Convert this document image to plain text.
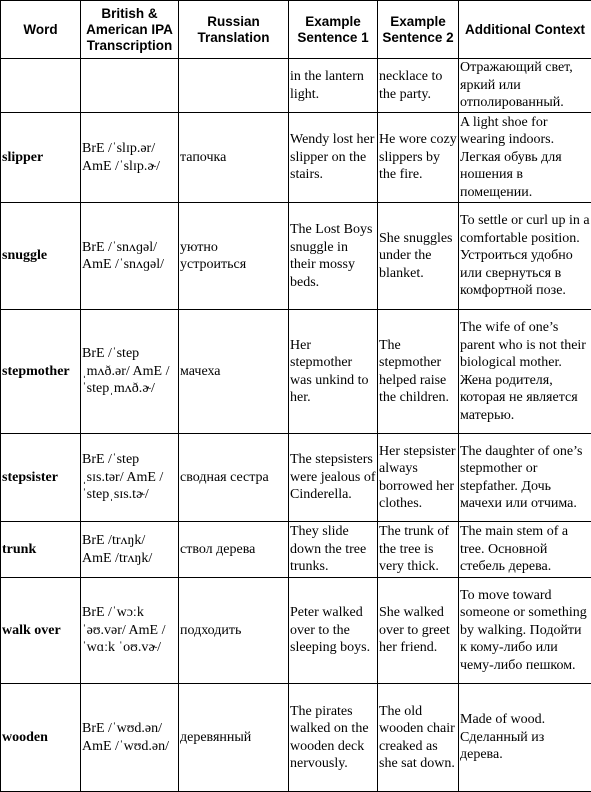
Word	British & American IPA Transcription	Russian Translation	Example Sentence 1	Example Sentence 2	Additional Context
			in the lantern light.	necklace to the party.	Отражающий свет, яркий или отполированный.
slipper	BrE /ˈslɪp.ər/ AmE /ˈslɪp.ɚ/	тапочка	Wendy lost her slipper on the stairs.	He wore cozy slippers by the fire.	A light shoe for wearing indoors. Легкая обувь для ношения в помещении.
snuggle	BrE /ˈsnʌɡəl/ AmE /ˈsnʌɡəl/	уютно устроиться	The Lost Boys snuggle in their mossy beds.	She snuggles under the blanket.	To settle or curl up in a comfortable position. Устроиться удобно или свернуться в комфортной позе.
stepmother	BrE /ˈstep ˌmʌð.ər/ AmE /ˈstepˌmʌð.ɚ/	мачеха	Her stepmother was unkind to her.	The stepmother helped raise the children.	The wife of one’s parent who is not their biological mother. Жена родителя, которая не является матерью.
stepsister	BrE /ˈstep ˌsɪs.tər/ AmE /ˈstepˌsɪs.tɚ/	сводная сестра	The stepsisters were jealous of Cinderella.	Her stepsister always borrowed her clothes.	The daughter of one’s stepmother or stepfather. Дочь мачехи или отчима.
trunk	BrE /trʌŋk/ AmE /trʌŋk/	ствол дерева	They slide down the tree trunks.	The trunk of the tree is very thick.	The main stem of a tree. Основной стебель дерева.
walk over	BrE /ˈwɔːk ˈəʊ.vər/ AmE /ˈwɑːk ˈoʊ.vɚ/	подходить	Peter walked over to the sleeping boys.	She walked over to greet her friend.	To move toward someone or something by walking. Подойти к кому-либо или чему-либо пешком.
wooden	BrE /ˈwʊd.ən/ AmE /ˈwʊd.ən/	деревянный	The pirates walked on the wooden deck nervously.	The old wooden chair creaked as she sat down.	Made of wood. Сделанный из дерева.
